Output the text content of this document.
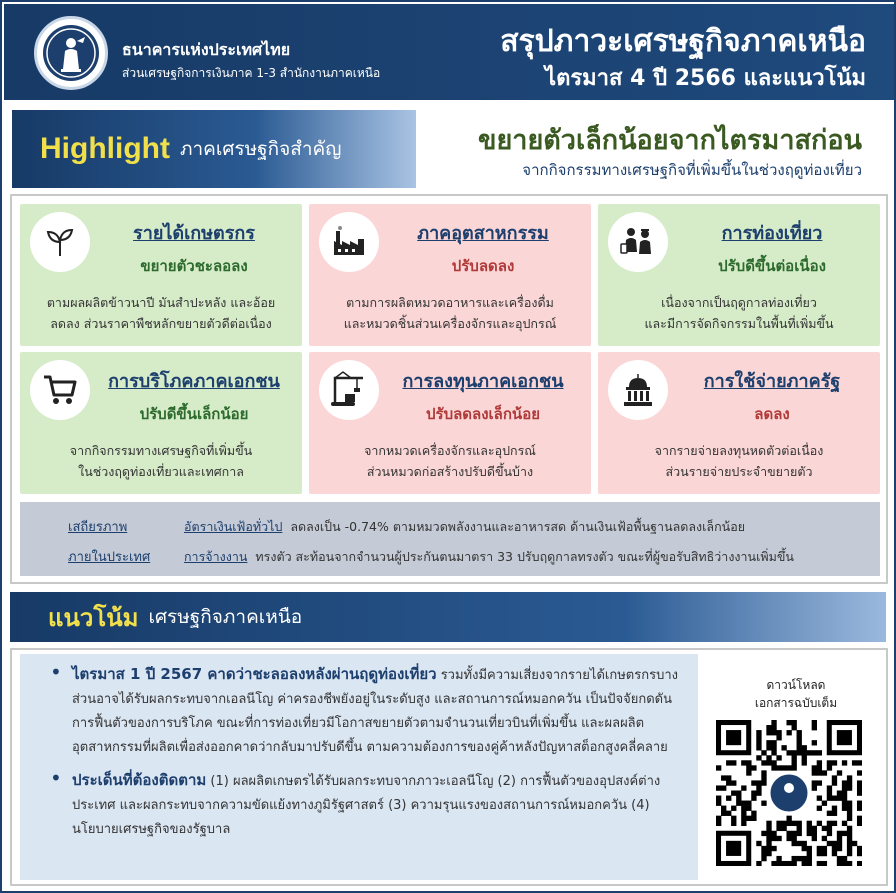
ธนาคารแห่งประเทศไทย
ส่วนเศรษฐกิจการเงินภาค 1-3 สำนักงานภาคเหนือ
สรุปภาวะเศรษฐกิจภาคเหนือ
ไตรมาส 4 ปี 2566 และแนวโน้ม
Highlight ภาคเศรษฐกิจสำคัญ	ขยายตัวเล็กน้อยจากไตรมาสก่อน
จากกิจกรรมทางเศรษฐกิจที่เพิ่มขึ้นในช่วงฤดูท่องเที่ยว
รายได้เกษตรกร
ขยายตัวชะลอลง
ตามผลผลิตข้าวนาปี มันสำปะหลัง และอ้อย
ลดลง ส่วนราคาพืชหลักขยายตัวดีต่อเนื่อง
ภาคอุตสาหกรรม
ปรับลดลง
ตามการผลิตหมวดอาหารและเครื่องดื่ม
และหมวดชิ้นส่วนเครื่องจักรและอุปกรณ์
การท่องเที่ยว
ปรับดีขึ้นต่อเนื่อง
เนื่องจากเป็นฤดูกาลท่องเที่ยว
และมีการจัดกิจกรรมในพื้นที่เพิ่มขึ้น
การบริโภคภาคเอกชน
ปรับดีขึ้นเล็กน้อย
จากกิจกรรมทางเศรษฐกิจที่เพิ่มขึ้น
ในช่วงฤดูท่องเที่ยวและเทศกาล
การลงทุนภาคเอกชน
ปรับลดลงเล็กน้อย
จากหมวดเครื่องจักรและอุปกรณ์
ส่วนหมวดก่อสร้างปรับดีขึ้นบ้าง
การใช้จ่ายภาครัฐ
ลดลง
จากรายจ่ายลงทุนหดตัวต่อเนื่อง
ส่วนรายจ่ายประจำขยายตัว
เสถียรภาพ	อัตราเงินเฟ้อทั่วไป ลดลงเป็น -0.74% ตามหมวดพลังงานและอาหารสด ด้านเงินเฟ้อพื้นฐานลดลงเล็กน้อย
ภายในประเทศ	การจ้างงาน ทรงตัว สะท้อนจากจำนวนผู้ประกันตนมาตรา 33 ปรับฤดูกาลทรงตัว ขณะที่ผู้ขอรับสิทธิว่างงานเพิ่มขึ้น
แนวโน้ม เศรษฐกิจภาคเหนือ
• ไตรมาส 1 ปี 2567 คาดว่าชะลอลงหลังผ่านฤดูท่องเที่ยว รวมทั้งมีความเสี่ยงจากรายได้เกษตรกรบางส่วนอาจได้รับผลกระทบจากเอลนีโญ ค่าครองชีพยังอยู่ในระดับสูง และสถานการณ์หมอกควัน เป็นปัจจัยกดดันการฟื้นตัวของการบริโภค ขณะที่การท่องเที่ยวมีโอกาสขยายตัวตามจำนวนเที่ยวบินที่เพิ่มขึ้น และผลผลิตอุตสาหกรรมที่ผลิตเพื่อส่งออกคาดว่ากลับมาปรับดีขึ้น ตามความต้องการของคู่ค้าหลังปัญหาสต็อกสูงคลี่คลาย
• ประเด็นที่ต้องติดตาม (1) ผลผลิตเกษตรได้รับผลกระทบจากภาวะเอลนีโญ (2) การฟื้นตัวของอุปสงค์ต่างประเทศ และผลกระทบจากความขัดแย้งทางภูมิรัฐศาสตร์ (3) ความรุนแรงของสถานการณ์หมอกควัน (4) นโยบายเศรษฐกิจของรัฐบาล
ดาวน์โหลด
เอกสารฉบับเต็ม
